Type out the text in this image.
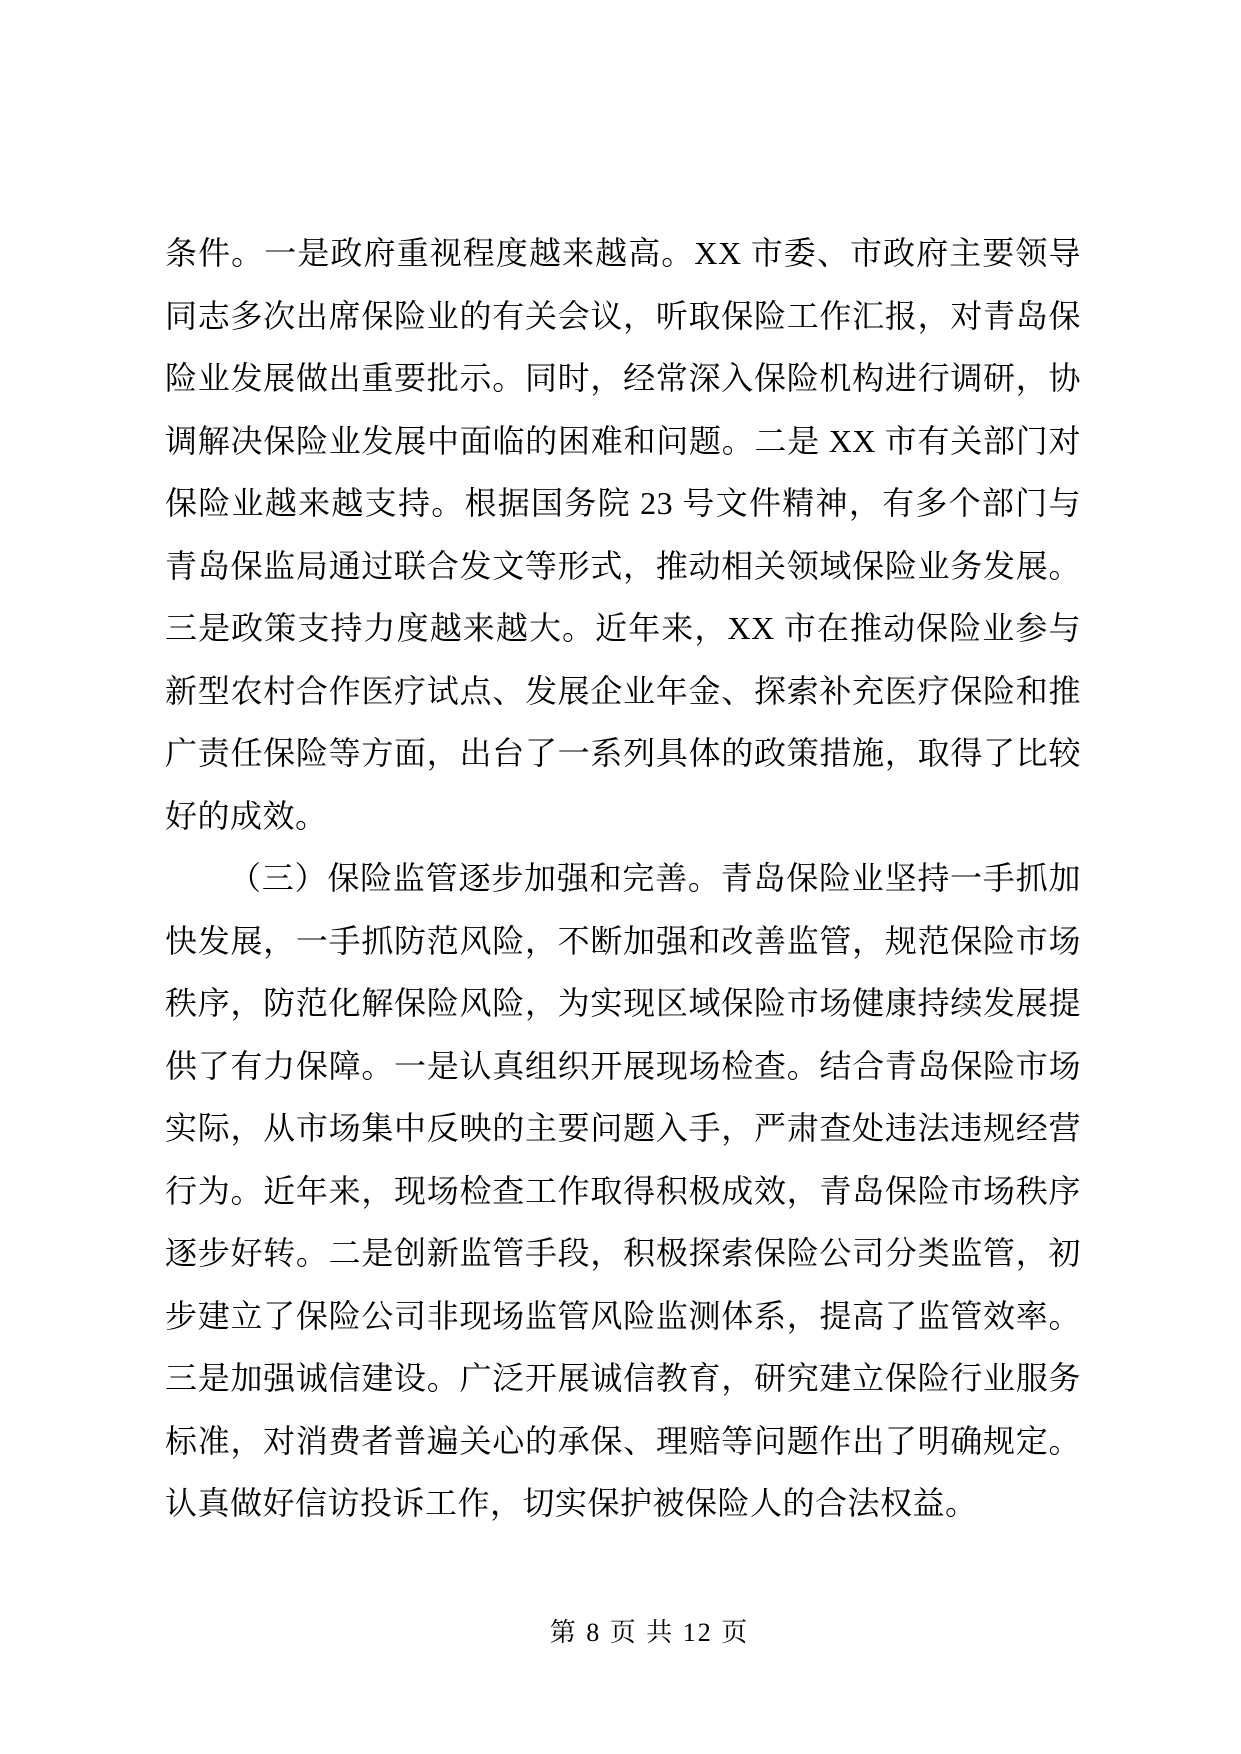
条件。一是政府重视程度越来越高。XX 市委、市政府主要领导同志多次出席保险业的有关会议，听取保险工作汇报，对青岛保险业发展做出重要批示。同时，经常深入保险机构进行调研，协调解决保险业发展中面临的困难和问题。二是 XX 市有关部门对保险业越来越支持。根据国务院 23 号文件精神，有多个部门与青岛保监局通过联合发文等形式，推动相关领域保险业务发展。三是政策支持力度越来越大。近年来，XX 市在推动保险业参与新型农村合作医疗试点、发展企业年金、探索补充医疗保险和推广责任保险等方面，出台了一系列具体的政策措施，取得了比较好的成效。

（三）保险监管逐步加强和完善。青岛保险业坚持一手抓加快发展，一手抓防范风险，不断加强和改善监管，规范保险市场秩序，防范化解保险风险，为实现区域保险市场健康持续发展提供了有力保障。一是认真组织开展现场检查。结合青岛保险市场实际，从市场集中反映的主要问题入手，严肃查处违法违规经营行为。近年来，现场检查工作取得积极成效，青岛保险市场秩序逐步好转。二是创新监管手段，积极探索保险公司分类监管，初步建立了保险公司非现场监管风险监测体系，提高了监管效率。三是加强诚信建设。广泛开展诚信教育，研究建立保险行业服务标准，对消费者普遍关心的承保、理赔等问题作出了明确规定。认真做好信访投诉工作，切实保护被保险人的合法权益。

第 8 页 共 12 页
